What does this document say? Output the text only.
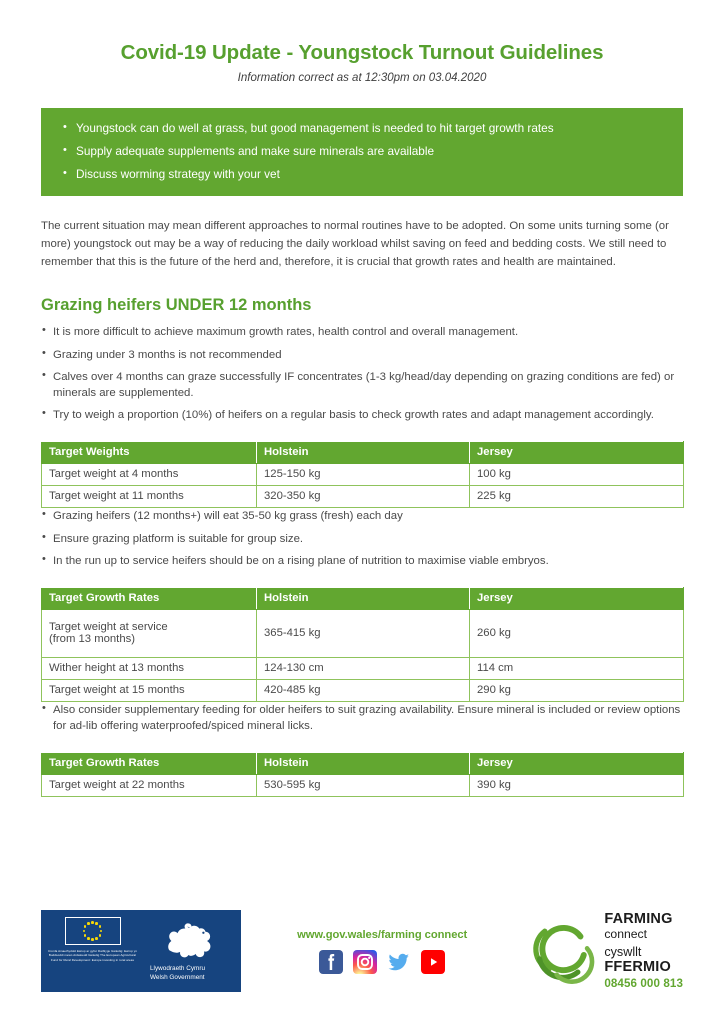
Covid-19 Update - Youngstock Turnout Guidelines
Information correct as at 12:30pm on 03.04.2020
• Youngstock can do well at grass, but good management is needed to hit target growth rates
• Supply adequate supplements and make sure minerals are available
• Discuss worming strategy with your vet

The current situation may mean different approaches to normal routines have to be adopted. On some units turning some (or more) youngstock out may be a way of reducing the daily workload whilst saving on feed and bedding costs. We still need to remember that this is the future of the herd and, therefore, it is crucial that growth rates and health are maintained.

Grazing heifers UNDER 12 months
• It is more difficult to achieve maximum growth rates, health control and overall management.
• Grazing under 3 months is not recommended
• Calves over 4 months can graze successfully IF concentrates (1-3 kg/head/day depending on grazing conditions are fed) or minerals are supplemented.
• Try to weigh a proportion (10%) of heifers on a regular basis to check growth rates and adapt management accordingly.
Target Weights	Holstein	Jersey
Target weight at 4 months	125-150 kg	100 kg
Target weight at 11 months	320-350 kg	225 kg
• Grazing heifers (12 months+) will eat 35-50 kg grass (fresh) each day
• Ensure grazing platform is suitable for group size.
• In the run up to service heifers should be on a rising plane of nutrition to maximise viable embryos.
Target Growth Rates	Holstein	Jersey

Target weight at service
(from 13 months)	365-415 kg	260 kg
Wither height at 13 months	124-130 cm	114 cm
Target weight at 15 months	420-485 kg	290 kg
• Also consider supplementary feeding for older heifers to suit grazing availability. Ensure mineral is included or review options for ad-lib offering waterproofed/spiced mineral licks.
Target Growth Rates	Holstein	Jersey
Target weight at 22 months	530-595 kg	390 kg
Cronfa Amaethyddol Ewrop ar gyfer Datblygu Gwledig: Ewrop yn Buddsoddi mewn Ardaloedd Gwledig The European Agricultural Fund for Rural Development: Europe investing in rural areas
Llywodraeth Cymru
Welsh Government
www.gov.wales/farming connect
FARMING
connect
cyswllt
FFERMIO
08456 000 813
